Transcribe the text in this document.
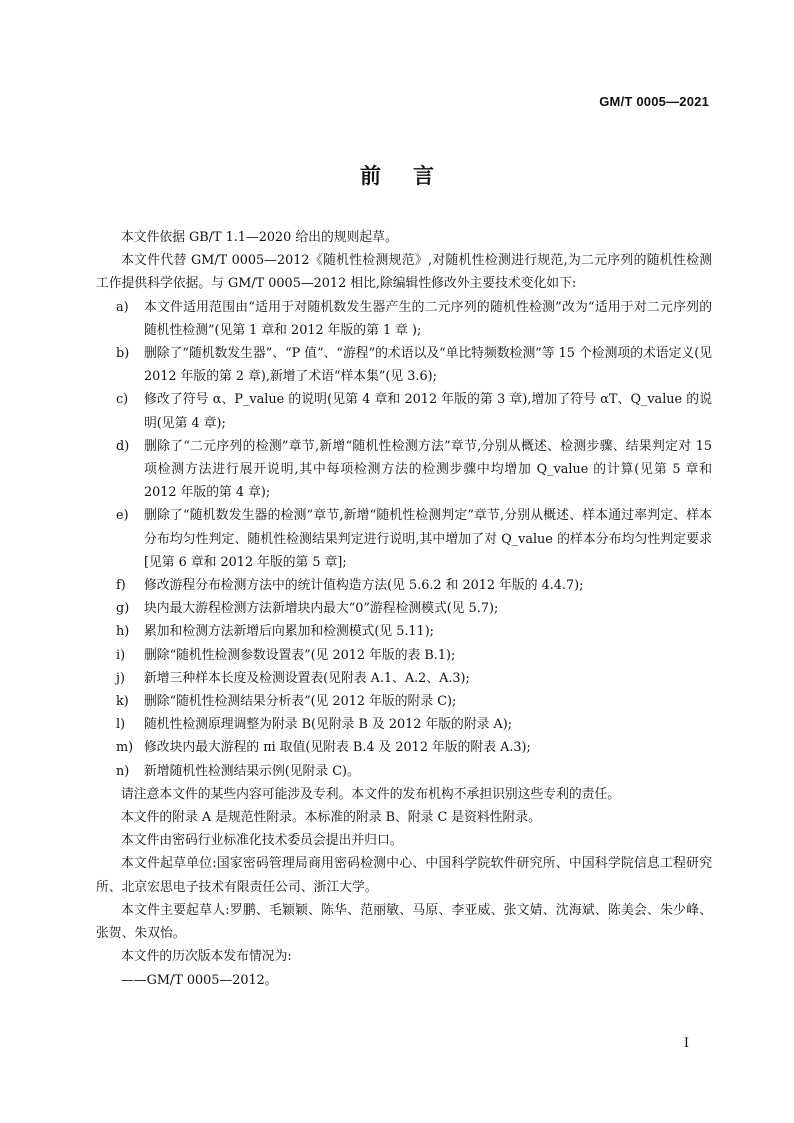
GM/T 0005—2021
前言

本文件依据 GB/T 1.1—2020 给出的规则起草。

本文件代替 GM/T 0005—2012《随机性检测规范》,对随机性检测进行规范,为二元序列的随机性检测工作提供科学依据。与 GM/T 0005—2012 相比,除编辑性修改外主要技术变化如下:

a)	本文件适用范围由“适用于对随机数发生器产生的二元序列的随机性检测”改为“适用于对二元序列的随机性检测”(见第 1 章和 2012 年版的第 1 章 );
b)	删除了“随机数发生器”、“P 值”、“游程”的术语以及“单比特频数检测”等 15 个检测项的术语定义(见 2012 年版的第 2 章),新增了术语“样本集”(见 3.6);
c)	修改了符号 α、P_value 的说明(见第 4 章和 2012 年版的第 3 章),增加了符号 αT、Q_value 的说明(见第 4 章);
d)	删除了“二元序列的检测”章节,新增“随机性检测方法”章节,分别从概述、检测步骤、结果判定对 15 项检测方法进行展开说明,其中每项检测方法的检测步骤中均增加 Q_value 的计算(见第 5 章和 2012 年版的第 4 章);
e)	删除了“随机数发生器的检测”章节,新增“随机性检测判定”章节,分别从概述、样本通过率判定、样本分布均匀性判定、随机性检测结果判定进行说明,其中增加了对 Q_value 的样本分布均匀性判定要求[见第 6 章和 2012 年版的第 5 章];
f)	修改游程分布检测方法中的统计值构造方法(见 5.6.2 和 2012 年版的 4.4.7);
g)	块内最大游程检测方法新增块内最大“0”游程检测模式(见 5.7);
h)	累加和检测方法新增后向累加和检测模式(见 5.11);
i)	删除“随机性检测参数设置表”(见 2012 年版的表 B.1);
j)	新增三种样本长度及检测设置表(见附表 A.1、A.2、A.3);
k)	删除“随机性检测结果分析表”(见 2012 年版的附录 C);
l)	随机性检测原理调整为附录 B(见附录 B 及 2012 年版的附录 A);
m) 修改块内最大游程的 πi 取值(见附表 B.4 及 2012 年版的附表 A.3);
n)	新增随机性检测结果示例(见附录 C)。

请注意本文件的某些内容可能涉及专利。本文件的发布机构不承担识别这些专利的责任。

本文件的附录 A 是规范性附录。本标准的附录 B、附录 C 是资料性附录。

本文件由密码行业标准化技术委员会提出并归口。

本文件起草单位:国家密码管理局商用密码检测中心、中国科学院软件研究所、中国科学院信息工程研究所、北京宏思电子技术有限责任公司、浙江大学。

本文件主要起草人:罗鹏、毛颖颖、陈华、范丽敏、马原、李亚威、张文婧、沈海斌、陈美会、朱少峰、张贺、朱双怡。

本文件的历次版本发布情况为:

——GM/T 0005—2012。

I
